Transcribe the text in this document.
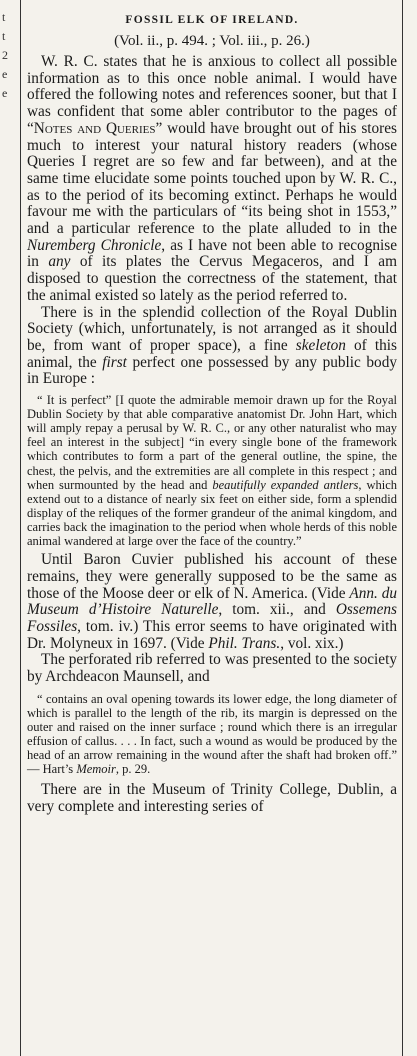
t
t
2
e
e
FOSSIL ELK OF IRELAND.
(Vol. ii., p. 494. ; Vol. iii., p. 26.)

W. R. C. states that he is anxious to collect all possible information as to this once noble animal. I would have offered the following notes and references sooner, but that I was confident that some abler contributor to the pages of “Notes and Queries” would have brought out of his stores much to interest your natural history readers (whose Queries I regret are so few and far between), and at the same time elucidate some points touched upon by W. R. C., as to the period of its becoming extinct. Perhaps he would favour me with the particulars of “its being shot in 1553,” and a particular reference to the plate alluded to in the Nuremberg Chronicle, as I have not been able to recognise in any of its plates the Cervus Megaceros, and I am disposed to question the correctness of the statement, that the animal existed so lately as the period referred to.

There is in the splendid collection of the Royal Dublin Society (which, unfortunately, is not arranged as it should be, from want of proper space), a fine skeleton of this animal, the first perfect one possessed by any public body in Europe :

“ It is perfect” [I quote the admirable memoir drawn up for the Royal Dublin Society by that able comparative anatomist Dr. John Hart, which will amply repay a perusal by W. R. C., or any other naturalist who may feel an interest in the subject] “in every single bone of the framework which contributes to form a part of the general outline, the spine, the chest, the pelvis, and the extremities are all complete in this respect ; and when surmounted by the head and beautifully expanded antlers, which extend out to a distance of nearly six feet on either side, form a splendid display of the reliques of the former grandeur of the animal kingdom, and carries back the imagination to the period when whole herds of this noble animal wandered at large over the face of the country.”

Until Baron Cuvier published his account of these remains, they were generally supposed to be the same as those of the Moose deer or elk of N. America. (Vide Ann. du Museum d’Histoire Naturelle, tom. xii., and Ossemens Fossiles, tom. iv.) This error seems to have originated with Dr. Molyneux in 1697. (Vide Phil. Trans., vol. xix.)

The perforated rib referred to was presented to the society by Archdeacon Maunsell, and

“ contains an oval opening towards its lower edge, the long diameter of which is parallel to the length of the rib, its margin is depressed on the outer and raised on the inner surface ; round which there is an irregular effusion of callus. . . . In fact, such a wound as would be produced by the head of an arrow remaining in the wound after the shaft had broken off.” — Hart’s Memoir, p. 29.

There are in the Museum of Trinity College, Dublin, a very complete and interesting series of
